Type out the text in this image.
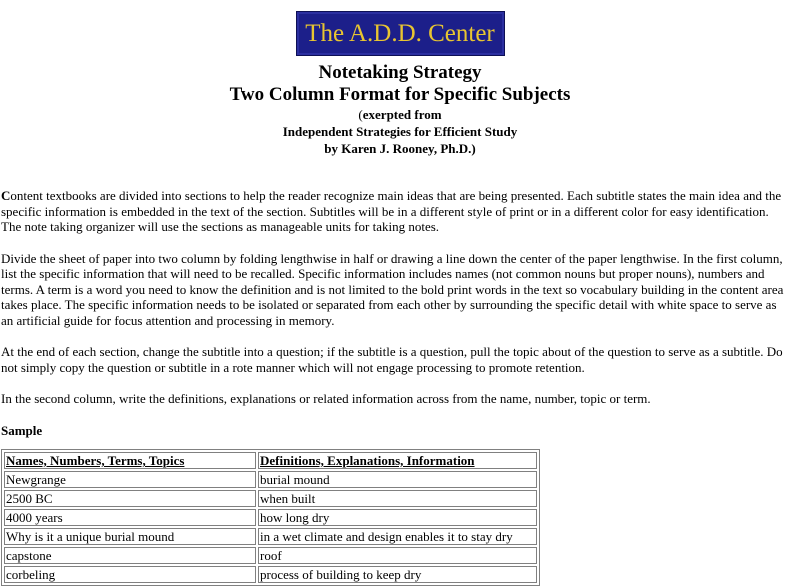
The A.D.D. Center
Notetaking Strategy
Two Column Format for Specific Subjects
(exerpted from
Independent Strategies for Efficient Study
by Karen J. Rooney, Ph.D.)

Content textbooks are divided into sections to help the reader recognize main ideas that are being presented. Each subtitle states the main idea and the specific information is embedded in the text of the section. Subtitles will be in a different style of print or in a different color for easy identification. The note taking organizer will use the sections as manageable units for taking notes.

Divide the sheet of paper into two column by folding lengthwise in half or drawing a line down the center of the paper lengthwise. In the first column, list the specific information that will need to be recalled. Specific information includes names (not common nouns but proper nouns), numbers and terms. A term is a word you need to know the definition and is not limited to the bold print words in the text so vocabulary building in the content area takes place. The specific information needs to be isolated or separated from each other by surrounding the specific detail with white space to serve as an artificial guide for focus attention and processing in memory.

At the end of each section, change the subtitle into a question; if the subtitle is a question, pull the topic about of the question to serve as a subtitle. Do not simply copy the question or subtitle in a rote manner which will not engage processing to promote retention.

In the second column, write the definitions, explanations or related information across from the name, number, topic or term.

Sample

Names, Numbers, Terms, Topics	Definitions, Explanations, Information
Newgrange	burial mound
2500 BC	when built
4000 years	how long dry
Why is it a unique burial mound	in a wet climate and design enables it to stay dry
capstone	roof
corbeling	process of building to keep dry
